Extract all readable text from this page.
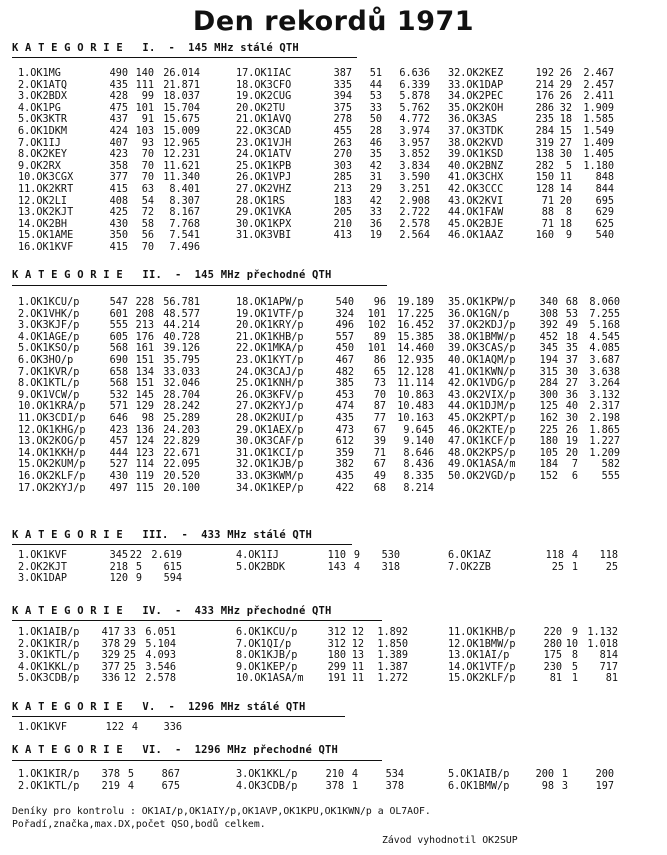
Den rekordů 1971
K A T E G O R I E   I.  -  145 MHz stálé QTH
1.OK1MG	490 140 26.014
2.OK1ATQ	435 111 21.871
3.OK2BDX	428	99 18.037
4.OK1PG	475 101 15.704
5.OK3KTR	437	91 15.675
6.OK1DKM	424 103 15.009
7.OK1IJ	407	93 12.965
8.OK2KEY	423	70 12.231
9.OK2RX	358	70 11.621
10.OK3CGX	377	70 11.340
11.OK2KRT	415	63	8.401
12.OK2LI	408	54	8.307
13.OK2KJT	425	72	8.167
14.OK2BH	430	58	7.768
15.OK1AME	350	56	7.541
16.OK1KVF	415	70	7.496
17.OK1IAC	387	51	6.636
18.OK3CFO	335	44	6.339
19.OK2CUG	394	53	5.878
20.OK2TU	375	33	5.762
21.OK1AVQ	278	50	4.772
22.OK3CAD	455	28	3.974
23.OK1VJH	263	46	3.957
24.OK1ATV	270	35	3.852
25.OK1KPB	303	42	3.834
26.OK1VPJ	285	31	3.590
27.OK2VHZ	213	29	3.251
28.OK1RS	183	42	2.908
29.OK1VKA	205	33	2.722
30.OK1KPX	210	36	2.578
31.OK3VBI	413	19	2.564
32.OK2KEZ	192 26	2.467
33.OK1DAP	214 29	2.457
34.OK2PEC	176 26	2.411
35.OK2KOH	286 32	1.909
36.OK3AS	235 18	1.585
37.OK3TDK	284 15	1.549
38.OK2KVD	319 27	1.409
39.OK1KSD	138 30	1.405
40.OK2BNZ	282	5	1.180
41.OK3CHX	150 11	848
42.OK3CCC	128 14	844
43.OK2KVI	71 20	695
44.OK1FAW	88	8	629
45.OK2BJE	71 18	625
46.OK1AAZ	160	9	540
K A T E G O R I E   II.  -  145 MHz přechodné QTH
1.OK1KCU/p	547 228 56.781
2.OK1VHK/p	601 208 48.577
3.OK3KJF/p	555 213 44.214
4.OK1AGE/p	605 176 40.728
5.OK1KSO/p	568 161 39.126
6.OK3HO/p	690 151 35.795
7.OK1KVR/p	658 134 33.033
8.OK1KTL/p	568 151 32.046
9.OK1VCW/p	532 145 28.704
10.OK1KRA/p	571 129 28.242
11.OK3CDI/p	646	98 25.289
12.OK1KHG/p	423 136 24.203
13.OK2KOG/p	457 124 22.829
14.OK1KKH/p	444 123 22.671
15.OK2KUM/p	527 114 22.095
16.OK2KLF/p	430 119 20.520
17.OK2KYJ/p	497 115 20.100
18.OK1APW/p	540	96	19.189
19.OK1VTF/p	324	101	17.225
20.OK1KRY/p	496	102	16.452
21.OK1KHB/p	557	89	15.385
22.OK1MKA/p	450	101	14.460
23.OK1KYT/p	467	86	12.935
24.OK3CAJ/p	482	65	12.128
25.OK1KNH/p	385	73	11.114
26.OK3KFV/p	453	70	10.863
27.OK2KYJ/p	474	87	10.483
28.OK2KUI/p	435	77	10.163
29.OK1AEX/p	473	67	9.645
30.OK3CAF/p	612	39	9.140
31.OK1KCI/p	359	71	8.646
32.OK1KJB/p	382	67	8.436
33.OK3KWM/p	435	49	8.335
34.OK1KEP/p	422	68	8.214
35.OK1KPW/p	340 68	8.060
36.OK1GN/p	308 53	7.255
37.OK2KDJ/p	392 49	5.168
38.OK1BMW/p	452 18	4.545
39.OK3CAS/p	345 35	4.085
40.OK1AQM/p	194 37	3.687
41.OK1KWN/p	315 30	3.638
42.OK1VDG/p	284 27	3.264
43.OK2VIX/p	300 36	3.132
44.OK1DJM/p	125 40	2.317
45.OK2KPT/p	162 30	2.198
46.OK2KTE/p	225 26	1.865
47.OK1KCF/p	180 19	1.227
48.OK2KPS/p	105 20	1.209
49.OK1ASA/m	184	7	582
50.OK2VGD/p	152	6	555
K A T E G O R I E   III.  -  433 MHz stálé QTH
1.OK1KVF	345 22 2.619
2.OK2KJT	218 5	615
3.OK1DAP	120 9	594
4.OK1IJ	110 9	530
5.OK2BDK	143 4	318
6.OK1AZ	118 4	118
7.OK2ZB	25 1	25
K A T E G O R I E   IV.  -  433 MHz přechodné QTH
1.OK1AIB/p	417 33 6.051
2.OK1KIR/p	378 29 5.104
3.OK1KTL/p	329 25 4.093
4.OK1KKL/p	377 25 3.546
5.OK3CDB/p	336 12 2.578
6.OK1KCU/p	312 12	1.892
7.OK1QI/p	312 12	1.850
8.OK1KJB/p	180 13	1.389
9.OK1KEP/p	299 11	1.387
10.OK1ASA/m	191 11	1.272
11.OK1KHB/p	220 9 1.132
12.OK1BMW/p	280 10 1.018
13.OK1AI/p	175 8	814
14.OK1VTF/p	230 5	717
15.OK2KLF/p	81 1	81
K A T E G O R I E   V.  -  1296 MHz stálé QTH
1.OK1KVF	122 4	336
K A T E G O R I E   VI.  -  1296 MHz přechodné QTH
1.OK1KIR/p	378 5	867
2.OK1KTL/p	219 4	675
3.OK1KKL/p	210 4	534
4.OK3CDB/p	378 1	378
5.OK1AIB/p	200 1	200
6.OK1BMW/p	98 3	197
Deníky pro kontrolu : OK1AI/p,OK1AIY/p,OK1AVP,OK1KPU,OK1KWN/p a OL7AOF.
Pořadí,značka,max.DX,počet QSO,bodů celkem.
Závod vyhodnotil OK2SUP
